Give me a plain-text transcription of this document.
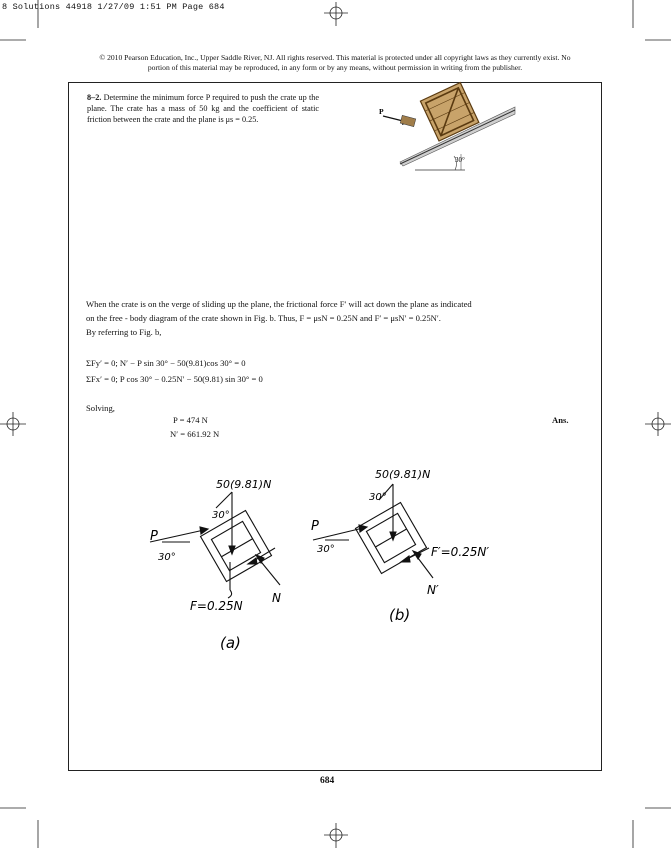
8 Solutions 44918 1/27/09 1:51 PM Page 684
© 2010 Pearson Education, Inc., Upper Saddle River, NJ. All rights reserved. This material is protected under all copyright laws as they currently exist. No portion of this material may be reproduced, in any form or by any means, without permission in writing from the publisher.
8–2. Determine the minimum force P required to push the crate up the plane. The crate has a mass of 50 kg and the coefficient of static friction between the crate and the plane is μs = 0.25.
P
30°
When the crate is on the verge of sliding up the plane, the frictional force F′ will act down the plane as indicated
on the free - body diagram of the crate shown in Fig. b. Thus, F = μsN = 0.25N and F′ = μsN′ = 0.25N′.
By referring to Fig. b,
ΣFy′ = 0; N′ − P sin 30° − 50(9.81)cos 30° = 0
ΣFx′ = 0; P cos 30° − 0.25N′ − 50(9.81) sin 30° = 0
Solving,
P = 474 N
N′ = 661.92 N
Ans.
50(9.81)N
30°
P
30°
F=0.25N
N
(a)
50(9.81)N
30°
P
30°	F′=0.25N′
N′
(b)
684
